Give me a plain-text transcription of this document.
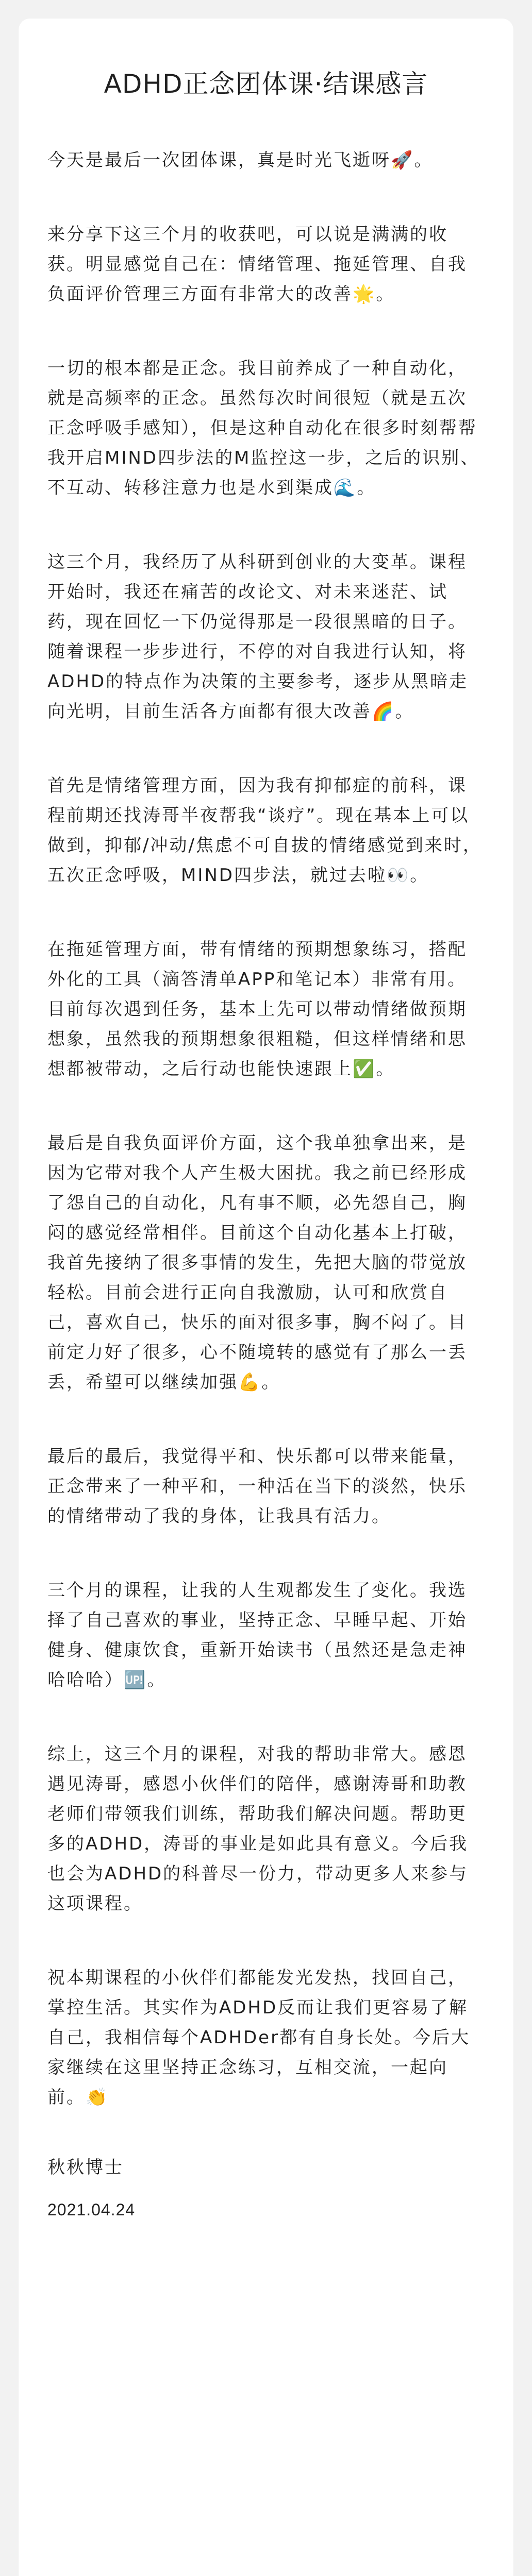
ADHD正念团体课·结课感言

今天是最后一次团体课，真是时光飞逝呀🚀。

来分享下这三个月的收获吧，可以说是满满的收获。明显感觉自己在：情绪管理、拖延管理、自我负面评价管理三方面有非常大的改善🌟。

一切的根本都是正念。我目前养成了一种自动化，就是高频率的正念。虽然每次时间很短（就是五次正念呼吸手感知），但是这种自动化在很多时刻帮帮我开启MIND四步法的M监控这一步，之后的识别、不互动、转移注意力也是水到渠成🌊。

这三个月，我经历了从科研到创业的大变革。课程开始时，我还在痛苦的改论文、对未来迷茫、试药，现在回忆一下仍觉得那是一段很黑暗的日子。随着课程一步步进行，不停的对自我进行认知，将ADHD的特点作为决策的主要参考，逐步从黑暗走向光明，目前生活各方面都有很大改善🌈。

首先是情绪管理方面，因为我有抑郁症的前科，课程前期还找涛哥半夜帮我“谈疗”。现在基本上可以做到，抑郁/冲动/焦虑不可自拔的情绪感觉到来时，五次正念呼吸，MIND四步法，就过去啦👀。

在拖延管理方面，带有情绪的预期想象练习，搭配外化的工具（滴答清单APP和笔记本）非常有用。目前每次遇到任务，基本上先可以带动情绪做预期想象，虽然我的预期想象很粗糙，但这样情绪和思想都被带动，之后行动也能快速跟上✅。

最后是自我负面评价方面，这个我单独拿出来，是因为它带对我个人产生极大困扰。我之前已经形成了怨自己的自动化，凡有事不顺，必先怨自己，胸闷的感觉经常相伴。目前这个自动化基本上打破，我首先接纳了很多事情的发生，先把大脑的带觉放轻松。目前会进行正向自我激励，认可和欣赏自己，喜欢自己，快乐的面对很多事，胸不闷了。目前定力好了很多，心不随境转的感觉有了那么一丢丢，希望可以继续加强💪。

最后的最后，我觉得平和、快乐都可以带来能量，正念带来了一种平和，一种活在当下的淡然，快乐的情绪带动了我的身体，让我具有活力。

三个月的课程，让我的人生观都发生了变化。我选择了自己喜欢的事业，坚持正念、早睡早起、开始健身、健康饮食，重新开始读书（虽然还是急走神哈哈哈）🆙。

综上，这三个月的课程，对我的帮助非常大。感恩遇见涛哥，感恩小伙伴们的陪伴，感谢涛哥和助教老师们带领我们训练，帮助我们解决问题。帮助更多的ADHD，涛哥的事业是如此具有意义。今后我也会为ADHD的科普尽一份力，带动更多人来参与这项课程。

祝本期课程的小伙伴们都能发光发热，找回自己，掌控生活。其实作为ADHD反而让我们更容易了解自己，我相信每个ADHDer都有自身长处。今后大家继续在这里坚持正念练习，互相交流，一起向前。👏

秋秋博士
2021.04.24
